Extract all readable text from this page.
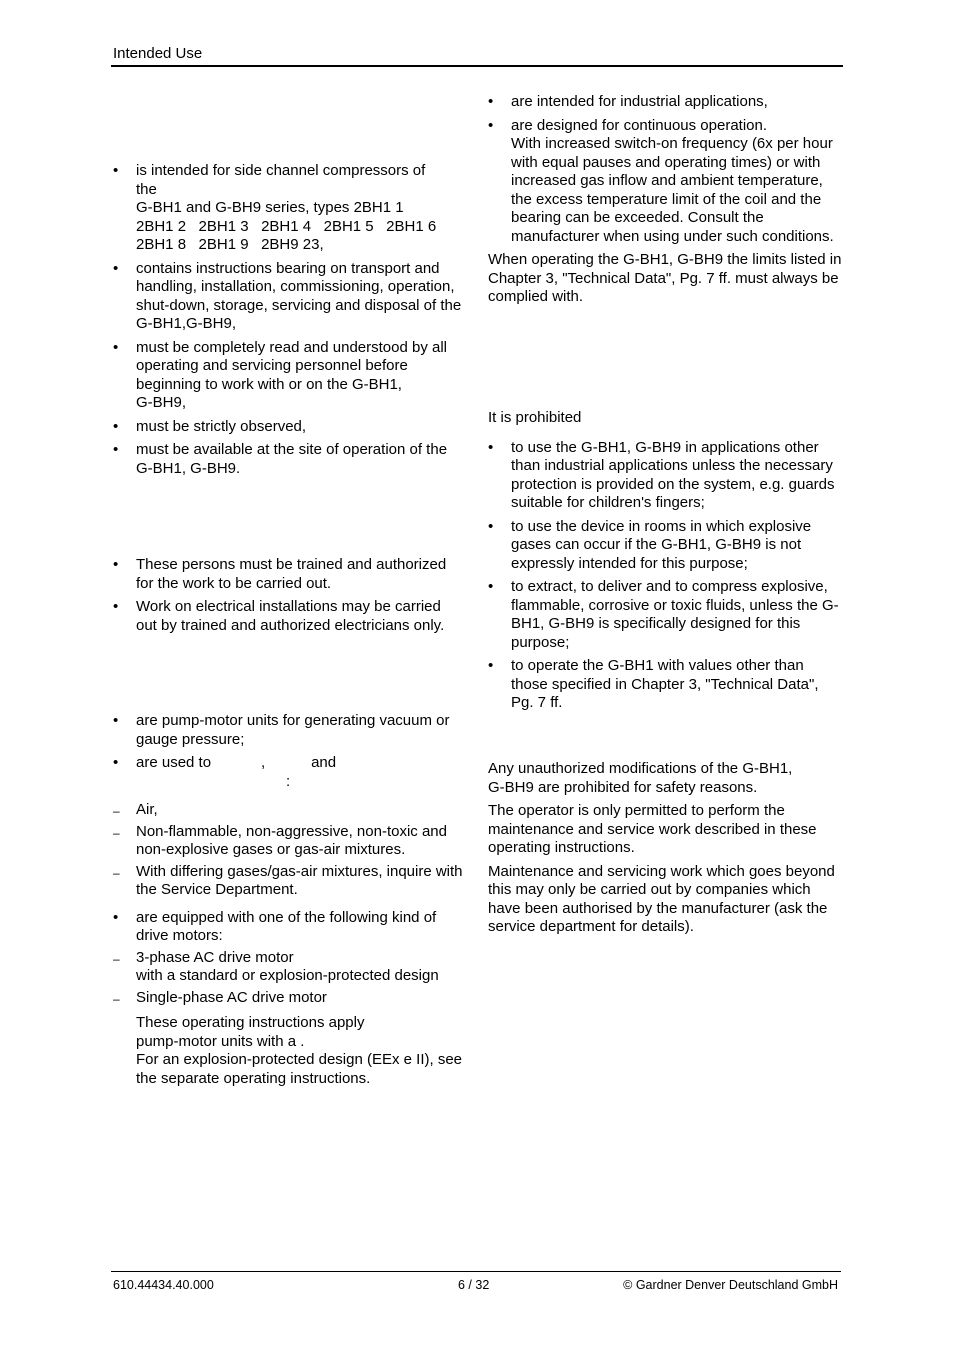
Intended Use
• is intended for side channel compressors of
the
G-BH1 and G-BH9 series, types 2BH1 1
2BH1 2   2BH1 3   2BH1 4   2BH1 5   2BH1 6
2BH1 8   2BH1 9   2BH9 23,
• contains instructions bearing on transport and handling, installation, commissioning, operation, shut-down, storage, servicing and disposal of the G-BH1,G-BH9,
• must be completely read and understood by all operating and servicing personnel before beginning to work with or on the G-BH1,
G-BH9,
• must be strictly observed,
• must be available at the site of operation of the G-BH1, G-BH9.
• These persons must be trained and authorized for the work to be carried out.
• Work on electrical installations may be carried out by trained and authorized electricians only.
• are pump-motor units for generating vacuum or gauge pressure;
• are used to            ,           and
:
– Air,
– Non-flammable, non-aggressive, non-toxic and non-explosive gases or gas-air mixtures.
– With differing gases/gas-air mixtures, inquire with the Service Department.
• are equipped with one of the following kind of drive motors:
– 3-phase AC drive motor
with a standard or explosion-protected design
– Single-phase AC drive motor
These operating instructions apply
pump-motor units with a .
For an explosion-protected design (EEx e II), see the separate operating instructions.
• are intended for industrial applications,
• are designed for continuous operation.
With increased switch-on frequency (6x per hour with equal pauses and operating times) or with increased gas inflow and ambient temperature, the excess temperature limit of the coil and the bearing can be exceeded. Consult the manufacturer when using under such conditions.
When operating the G-BH1, G-BH9 the limits listed in Chapter 3, "Technical Data", Pg. 7 ff. must always be complied with.
It is prohibited
• to use the G-BH1, G-BH9 in applications other than industrial applications unless the necessary protection is provided on the system, e.g. guards suitable for children's fingers;
• to use the device in rooms in which explosive gases can occur if the G-BH1, G-BH9 is not expressly intended for this purpose;
• to extract, to deliver and to compress explosive, flammable, corrosive or toxic fluids, unless the G-BH1, G-BH9 is specifically designed for this purpose;
• to operate the G-BH1 with values other than those specified in Chapter 3, "Technical Data", Pg. 7 ff.
Any unauthorized modifications of the G-BH1,
G-BH9 are prohibited for safety reasons.
The operator is only permitted to perform the maintenance and service work described in these operating instructions.
Maintenance and servicing work which goes beyond this may only be carried out by companies which have been authorised by the manufacturer (ask the service department for details).
610.44434.40.000	6 / 32	© Gardner Denver Deutschland GmbH
